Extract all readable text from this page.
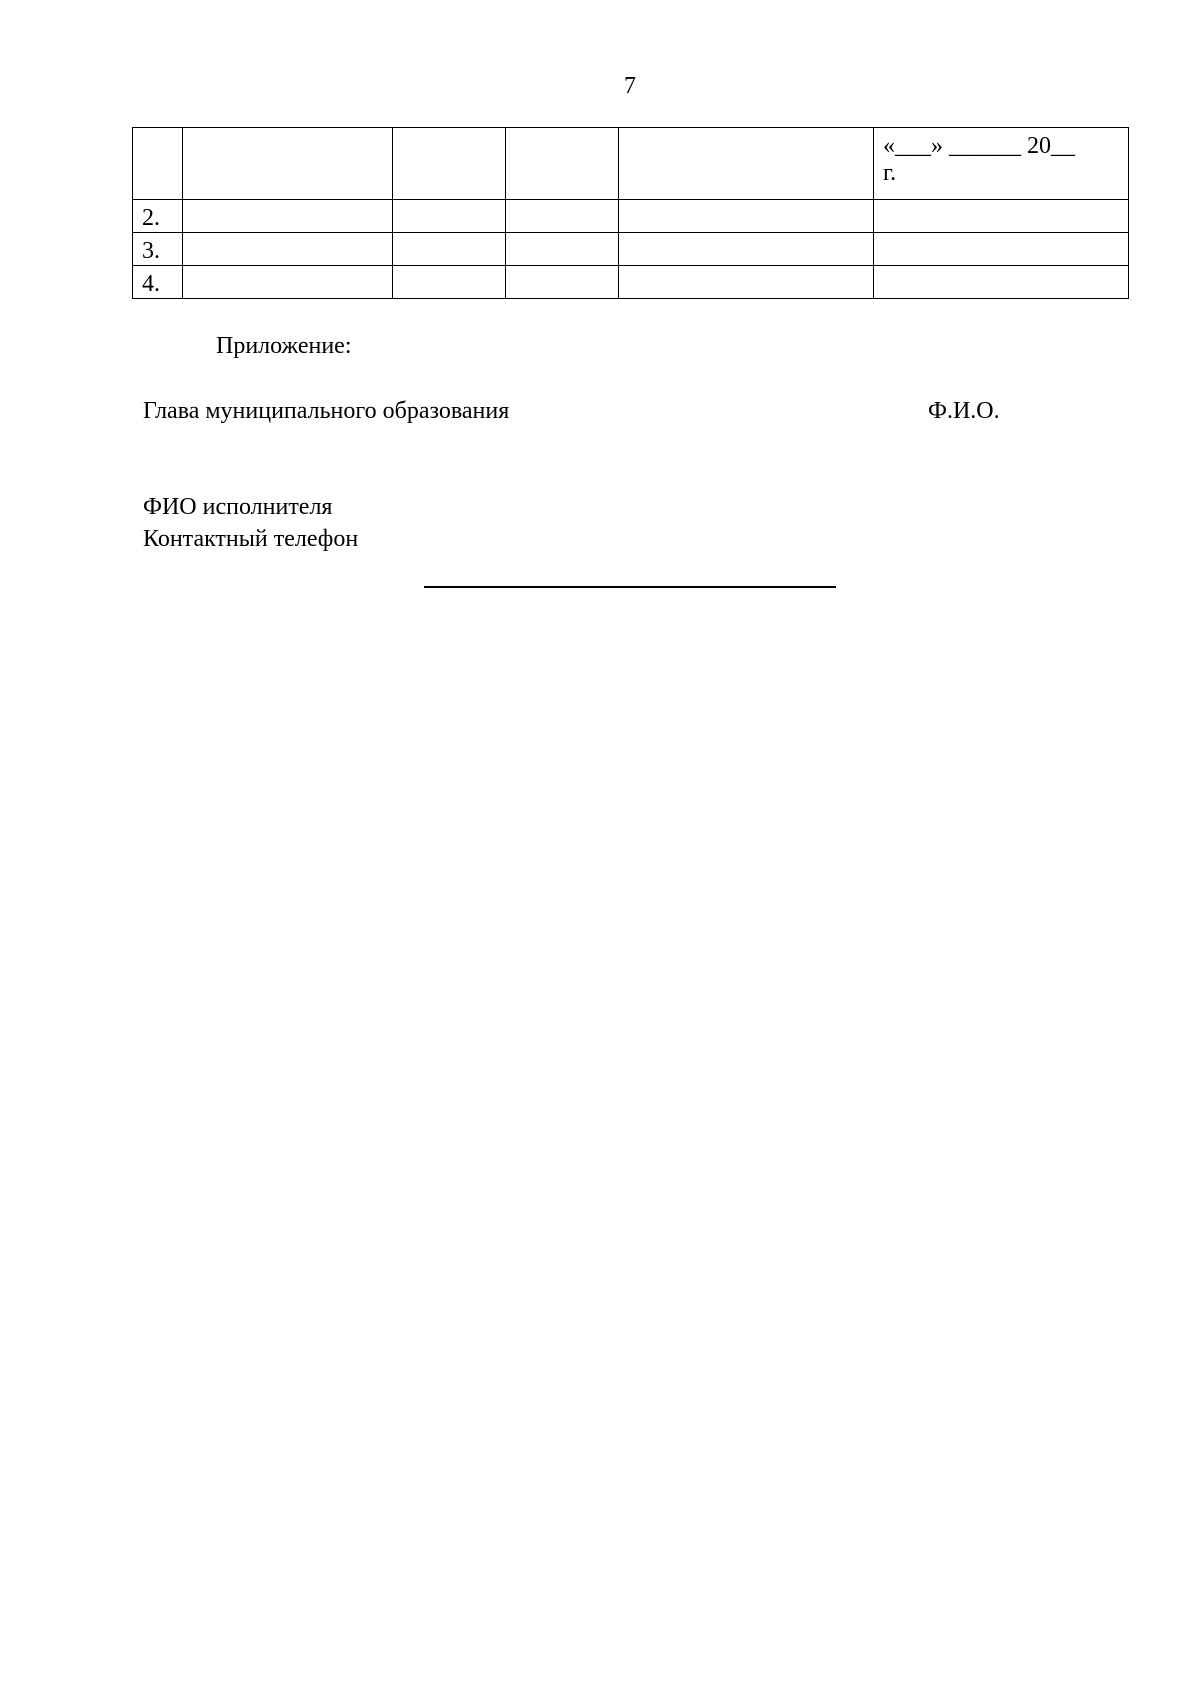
7

					«___» ______ 20__
г.

2.					
3.					
4.					
Приложение:
Глава муниципального образования	Ф.И.О.
ФИО исполнителя
Контактный телефон
